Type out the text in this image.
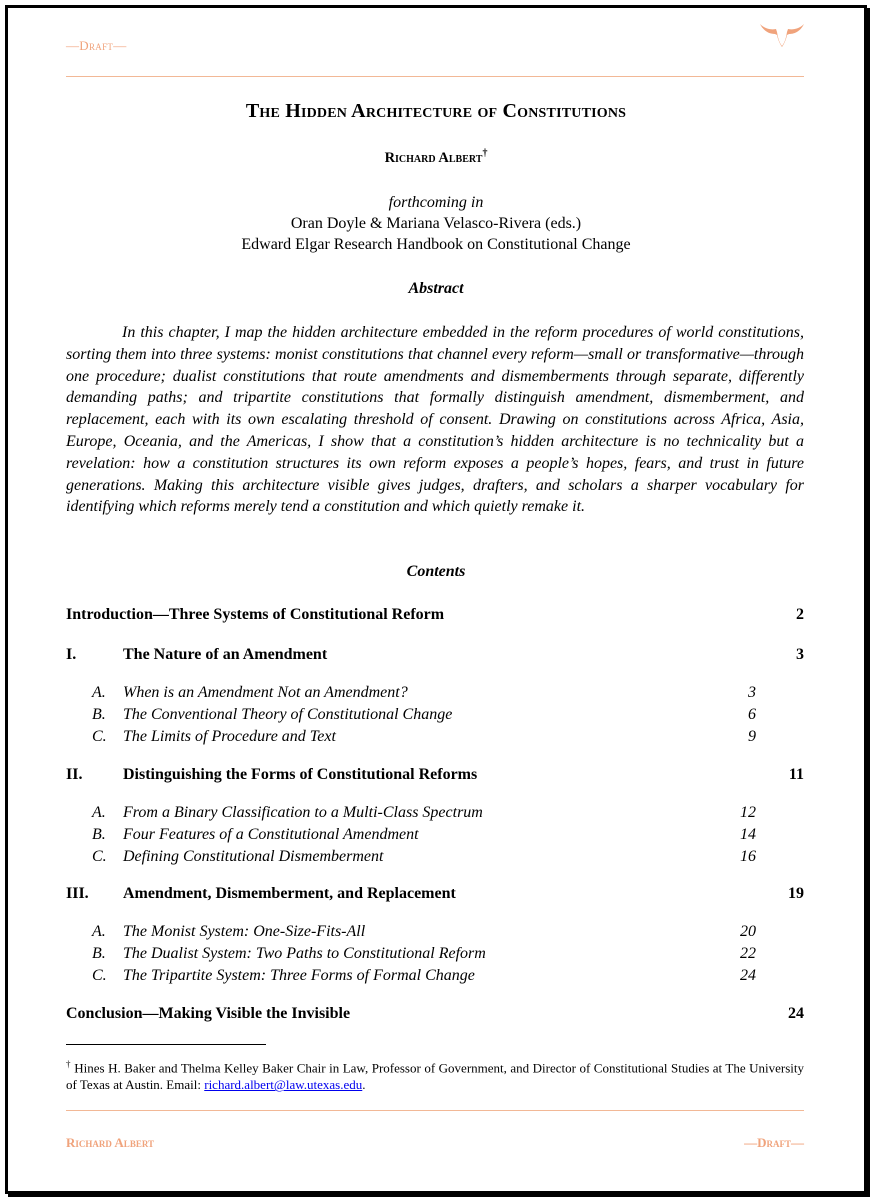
—Draft—
The Hidden Architecture of Constitutions
Richard Albert†
forthcoming in
Oran Doyle & Mariana Velasco-Rivera (eds.)
Edward Elgar Research Handbook on Constitutional Change
Abstract

In this chapter, I map the hidden architecture embedded in the reform procedures of world constitutions, sorting them into three systems: monist constitutions that channel every reform—small or transformative—through one procedure; dualist constitutions that route amendments and dismemberments through separate, differently demanding paths; and tripartite constitutions that formally distinguish amendment, dismemberment, and replacement, each with its own escalating threshold of consent. Drawing on constitutions across Africa, Asia, Europe, Oceania, and the Americas, I show that a constitution’s hidden architecture is no technicality but a revelation: how a constitution structures its own reform exposes a people’s hopes, fears, and trust in future generations. Making this architecture visible gives judges, drafters, and scholars a sharper vocabulary for identifying which reforms merely tend a constitution and which quietly remake it.

Contents
Introduction—Three Systems of Constitutional Reform	2
I.	The Nature of an Amendment	3
A. When is an Amendment Not an Amendment?	3
B. The Conventional Theory of Constitutional Change	6
C. The Limits of Procedure and Text	9
II.	Distinguishing the Forms of Constitutional Reforms	11
A. From a Binary Classification to a Multi-Class Spectrum	12
B. Four Features of a Constitutional Amendment	14
C. Defining Constitutional Dismemberment	16
III. Amendment, Dismemberment, and Replacement	19
A. The Monist System: One-Size-Fits-All	20
B. The Dualist System: Two Paths to Constitutional Reform	22
C. The Tripartite System: Three Forms of Formal Change	24
Conclusion—Making Visible the Invisible	24

† Hines H. Baker and Thelma Kelley Baker Chair in Law, Professor of Government, and Director of Constitutional Studies at The University of Texas at Austin. Email: richard.albert@law.utexas.edu.

Richard Albert	—Draft—
